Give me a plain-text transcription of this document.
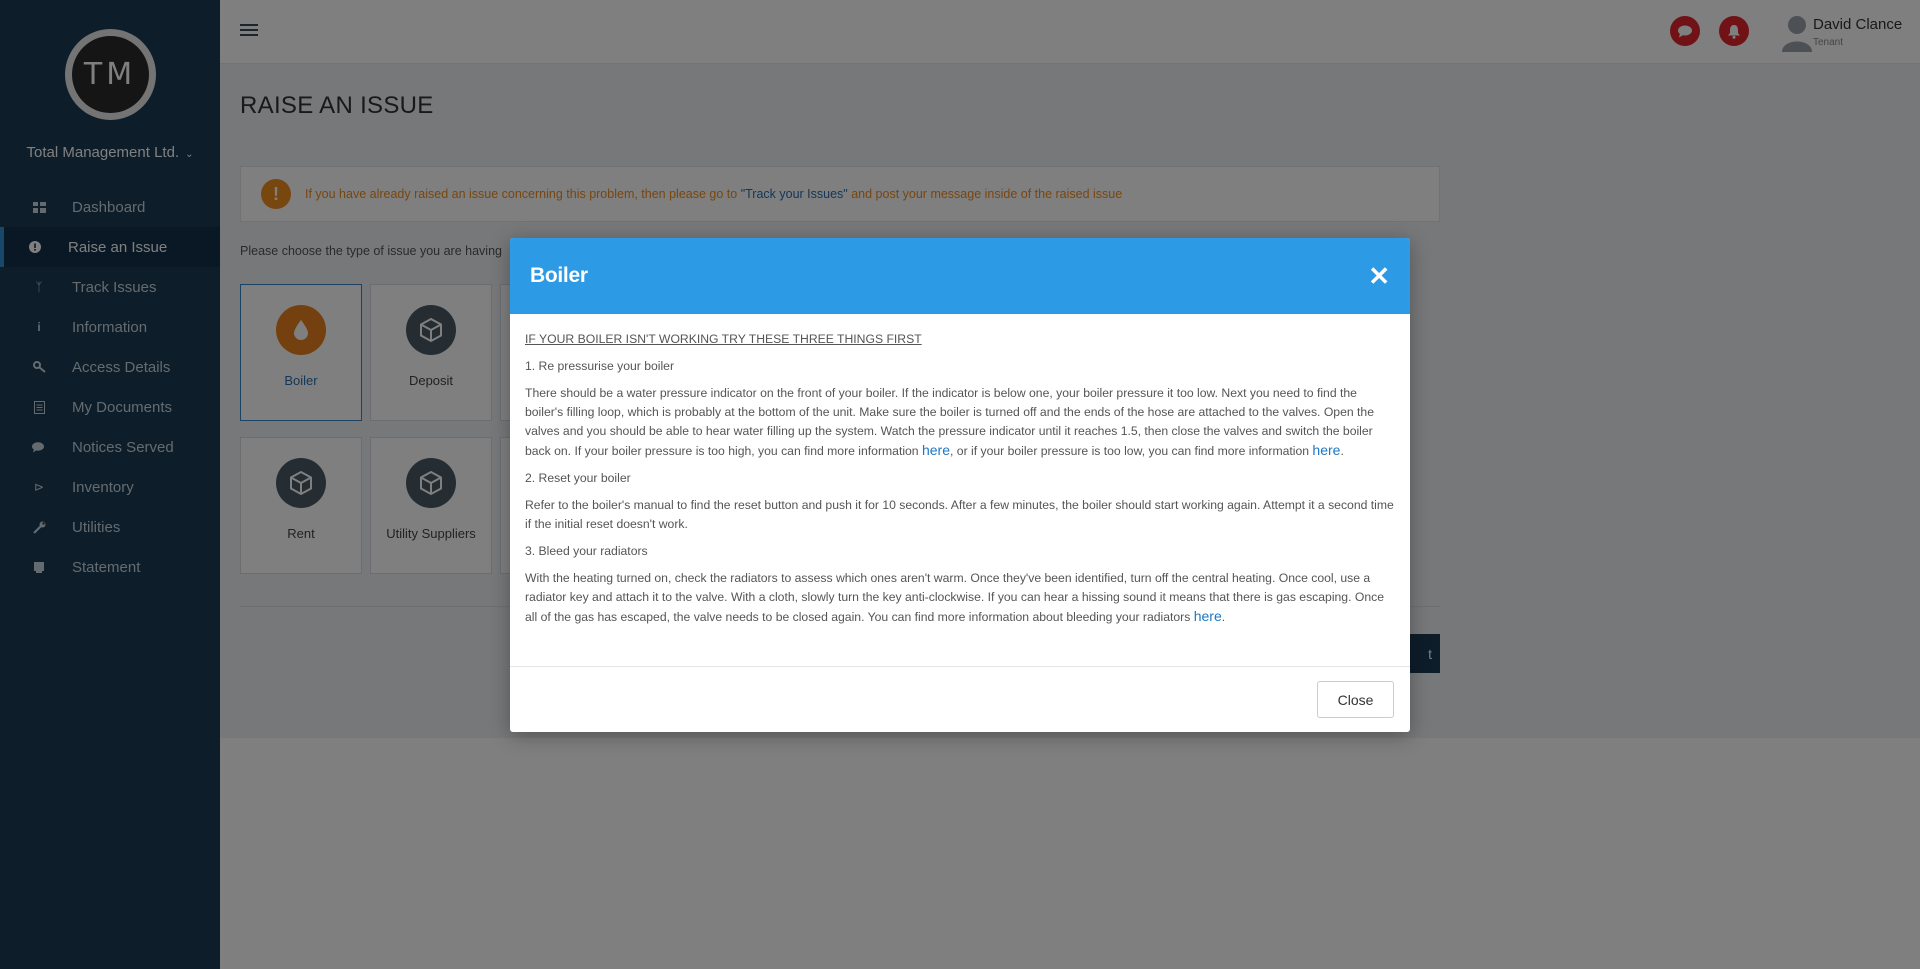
Boiler	✕

IF YOUR BOILER ISN'T WORKING TRY THESE THREE THINGS FIRST

1. Re pressurise your boiler

There should be a water pressure indicator on the front of your boiler. If the indicator is below one, your boiler pressure it too low. Next you need to find the boiler's filling loop, which is probably at the bottom of the unit. Make sure the boiler is turned off and the ends of the hose are attached to the valves. Open the valves and you should be able to hear water filling up the system. Watch the pressure indicator until it reaches 1.5, then close the valves and switch the boiler back on. If your boiler pressure is too high, you can find more information here, or if your boiler pressure is too low, you can find more information here.

2. Reset your boiler

Refer to the boiler's manual to find the reset button and push it for 10 seconds. After a few minutes, the boiler should start working again. Attempt it a second time if the initial reset doesn't work.

3. Bleed your radiators

With the heating turned on, check the radiators to assess which ones aren't warm. Once they've been identified, turn off the central heating. Once cool, use a radiator key and attach it to the valve. With a cloth, slowly turn the key anti-clockwise. If you can hear a hissing sound it means that there is gas escaping. Once all of the gas has escaped, the valve needs to be closed again. You can find more information about bleeding your radiators here.

Close
